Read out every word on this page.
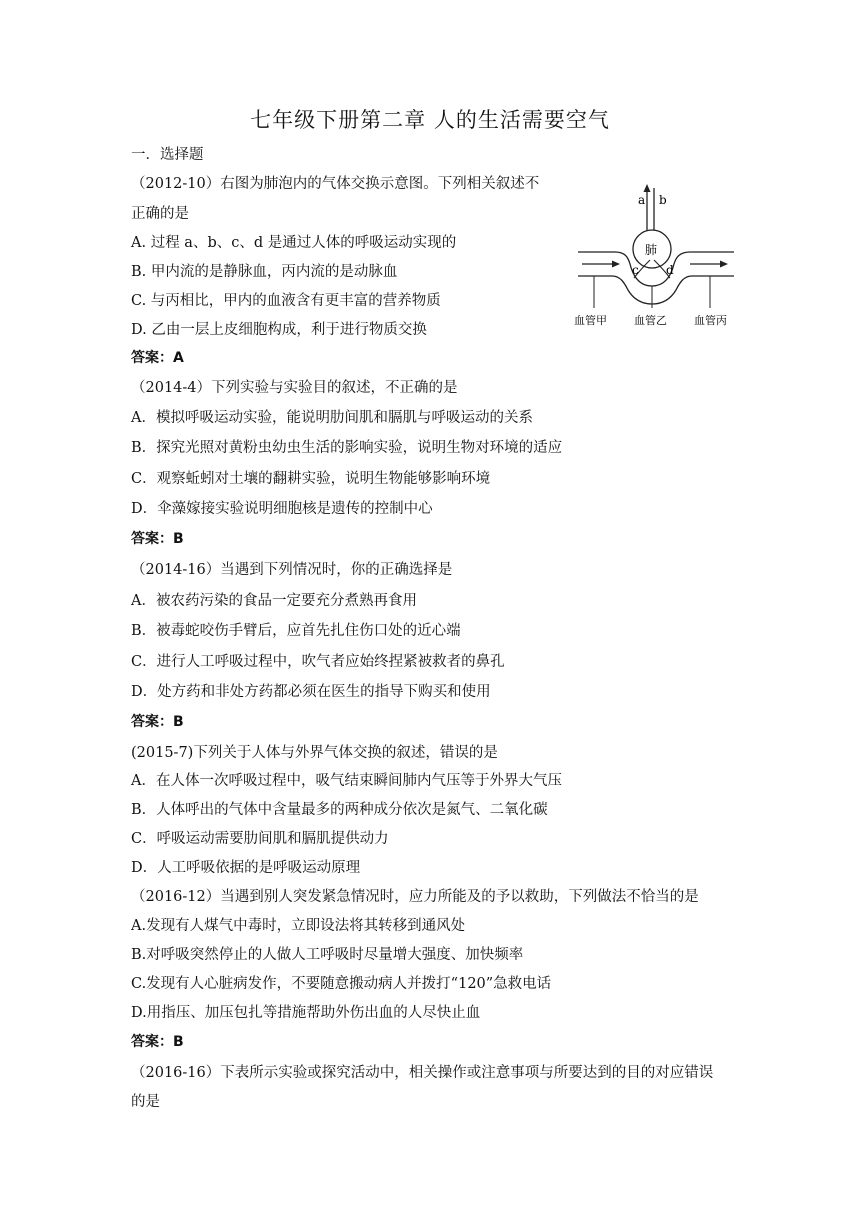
七年级下册第二章 人的生活需要空气
一．选择题
（2012-10）右图为肺泡内的气体交换示意图。下列相关叙述不
正确的是
A. 过程 a、b、c、d 是通过人体的呼吸运动实现的
B. 甲内流的是静脉血，丙内流的是动脉血
C. 与丙相比，甲内的血液含有更丰富的营养物质
D. 乙由一层上皮细胞构成，利于进行物质交换
答案：A
a b
肺
c d
血管甲 血管乙 血管丙
（2014-4）下列实验与实验目的叙述，不正确的是
A．模拟呼吸运动实验，能说明肋间肌和膈肌与呼吸运动的关系
B．探究光照对黄粉虫幼虫生活的影响实验，说明生物对环境的适应
C．观察蚯蚓对土壤的翻耕实验，说明生物能够影响环境
D．伞藻嫁接实验说明细胞核是遗传的控制中心
答案：B
（2014-16）当遇到下列情况时，你的正确选择是
A．被农药污染的食品一定要充分煮熟再食用
B．被毒蛇咬伤手臂后，应首先扎住伤口处的近心端
C．进行人工呼吸过程中，吹气者应始终捏紧被救者的鼻孔
D．处方药和非处方药都必须在医生的指导下购买和使用
答案：B
(2015-7)下列关于人体与外界气体交换的叙述，错误的是
A．在人体一次呼吸过程中，吸气结束瞬间肺内气压等于外界大气压
B．人体呼出的气体中含量最多的两种成分依次是氮气、二氧化碳
C．呼吸运动需要肋间肌和膈肌提供动力
D．人工呼吸依据的是呼吸运动原理
（2016-12）当遇到别人突发紧急情况时，应力所能及的予以救助，下列做法不恰当的是
A.发现有人煤气中毒时，立即设法将其转移到通风处
B.对呼吸突然停止的人做人工呼吸时尽量增大强度、加快频率
C.发现有人心脏病发作，不要随意搬动病人并拨打“120”急救电话
D.用指压、加压包扎等措施帮助外伤出血的人尽快止血
答案：B
（2016-16）下表所示实验或探究活动中，相关操作或注意事项与所要达到的目的对应错误
的是
